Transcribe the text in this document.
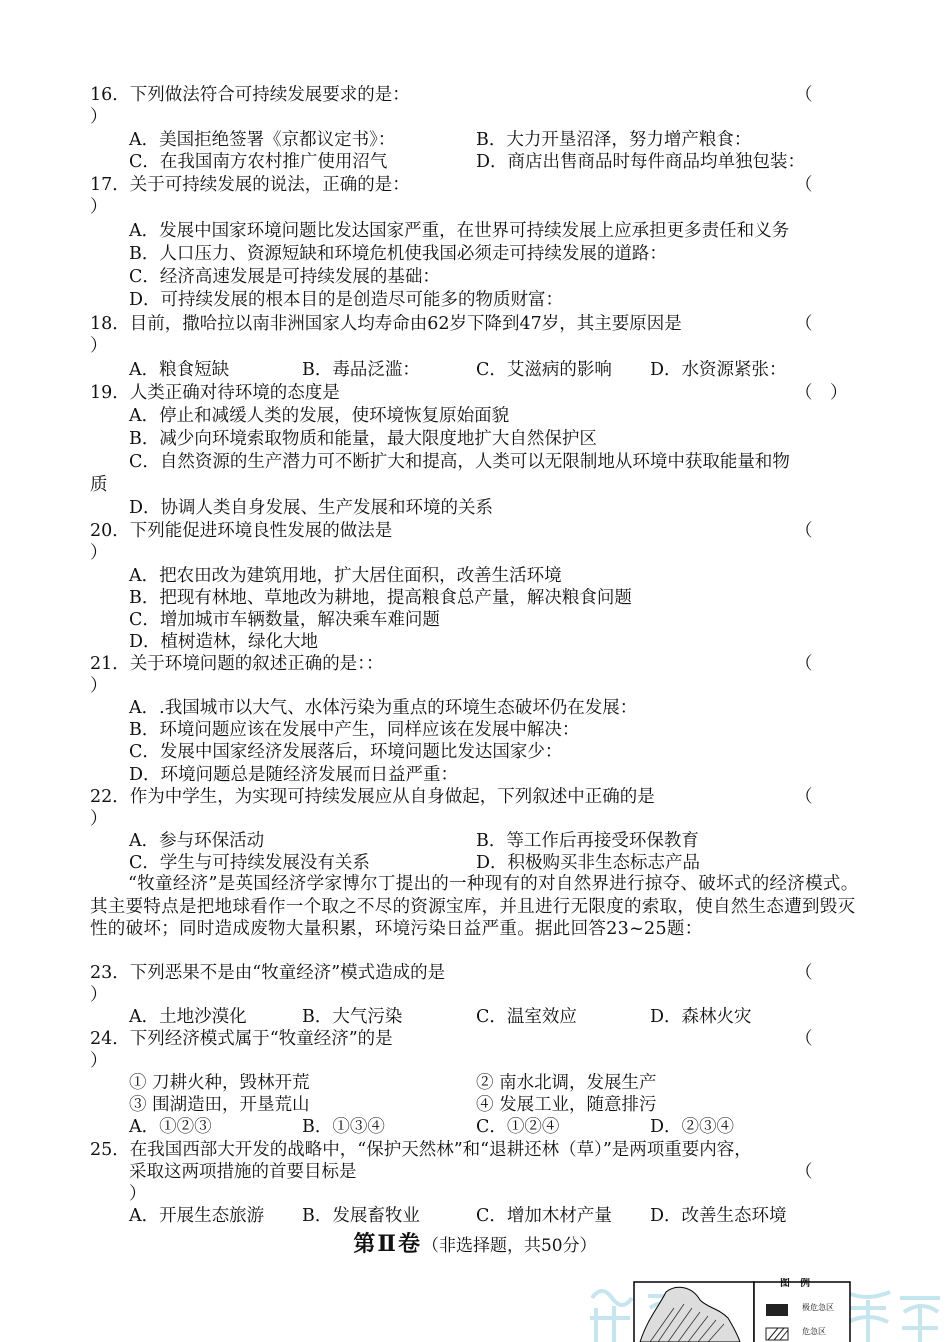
16．下列做法符合可持续发展要求的是：	（
）
A．美国拒绝签署《京都议定书》：	B．大力开垦沼泽，努力增产粮食：
C．在我国南方农村推广使用沼气	D．商店出售商品时每件商品均单独包装：
17．关于可持续发展的说法，正确的是：	（
）
A．发展中国家环境问题比发达国家严重，在世界可持续发展上应承担更多责任和义务
B．人口压力、资源短缺和环境危机使我国必须走可持续发展的道路：
C．经济高速发展是可持续发展的基础：
D．可持续发展的根本目的是创造尽可能多的物质财富：
18．目前，撒哈拉以南非洲国家人均寿命由62岁下降到47岁，其主要原因是	（
）
A．粮食短缺	B．毒品泛滥：	C．艾滋病的影响 D．水资源紧张：
19．人类正确对待环境的态度是	（　）
A．停止和减缓人类的发展，使环境恢复原始面貌
B．减少向环境索取物质和能量，最大限度地扩大自然保护区
C．自然资源的生产潜力可不断扩大和提高，人类可以无限制地从环境中获取能量和物
质
D．协调人类自身发展、生产发展和环境的关系
20．下列能促进环境良性发展的做法是	（
）
A．把农田改为建筑用地，扩大居住面积，改善生活环境
B．把现有林地、草地改为耕地，提高粮食总产量，解决粮食问题
C．增加城市车辆数量，解决乘车难问题
D．植树造林，绿化大地
21．关于环境问题的叙述正确的是：：	（
）
A．.我国城市以大气、水体污染为重点的环境生态破坏仍在发展：
B．环境问题应该在发展中产生，同样应该在发展中解决：
C．发展中国家经济发展落后，环境问题比发达国家少：
D．环境问题总是随经济发展而日益严重：
22．作为中学生，为实现可持续发展应从自身做起，下列叙述中正确的是	（
）
A．参与环保活动	B．等工作后再接受环保教育
C．学生与可持续发展没有关系	D．积极购买非生态标志产品
“牧童经济”是英国经济学家博尔丁提出的一种现有的对自然界进行掠夺、破坏式的经济模式。其主要特点是把地球看作一个取之不尽的资源宝库，并且进行无限度的索取，使自然生态遭到毁灭性的破坏；同时造成废物大量积累，环境污染日益严重。据此回答23~25题：
23．下列恶果不是由“牧童经济”模式造成的是	（
）
A．土地沙漠化	B．大气污染	C．温室效应	D．森林火灾
24．下列经济模式属于“牧童经济”的是	（
）
① 刀耕火种，毁林开荒	② 南水北调，发展生产
③ 围湖造田，开垦荒山	④ 发展工业，随意排污
A．①②③	B．①③④	C．①②④	D．②③④
25．在我国西部大开发的战略中，“保护天然林”和“退耕还林（草）”是两项重要内容，
采取这两项措施的首要目标是	（
）
A．开展生态旅游 B．发展畜牧业	C．增加木材产量 D．改善生态环境
第Ⅱ卷（非选择题，共50分）
图　例
极危急区
危急区
